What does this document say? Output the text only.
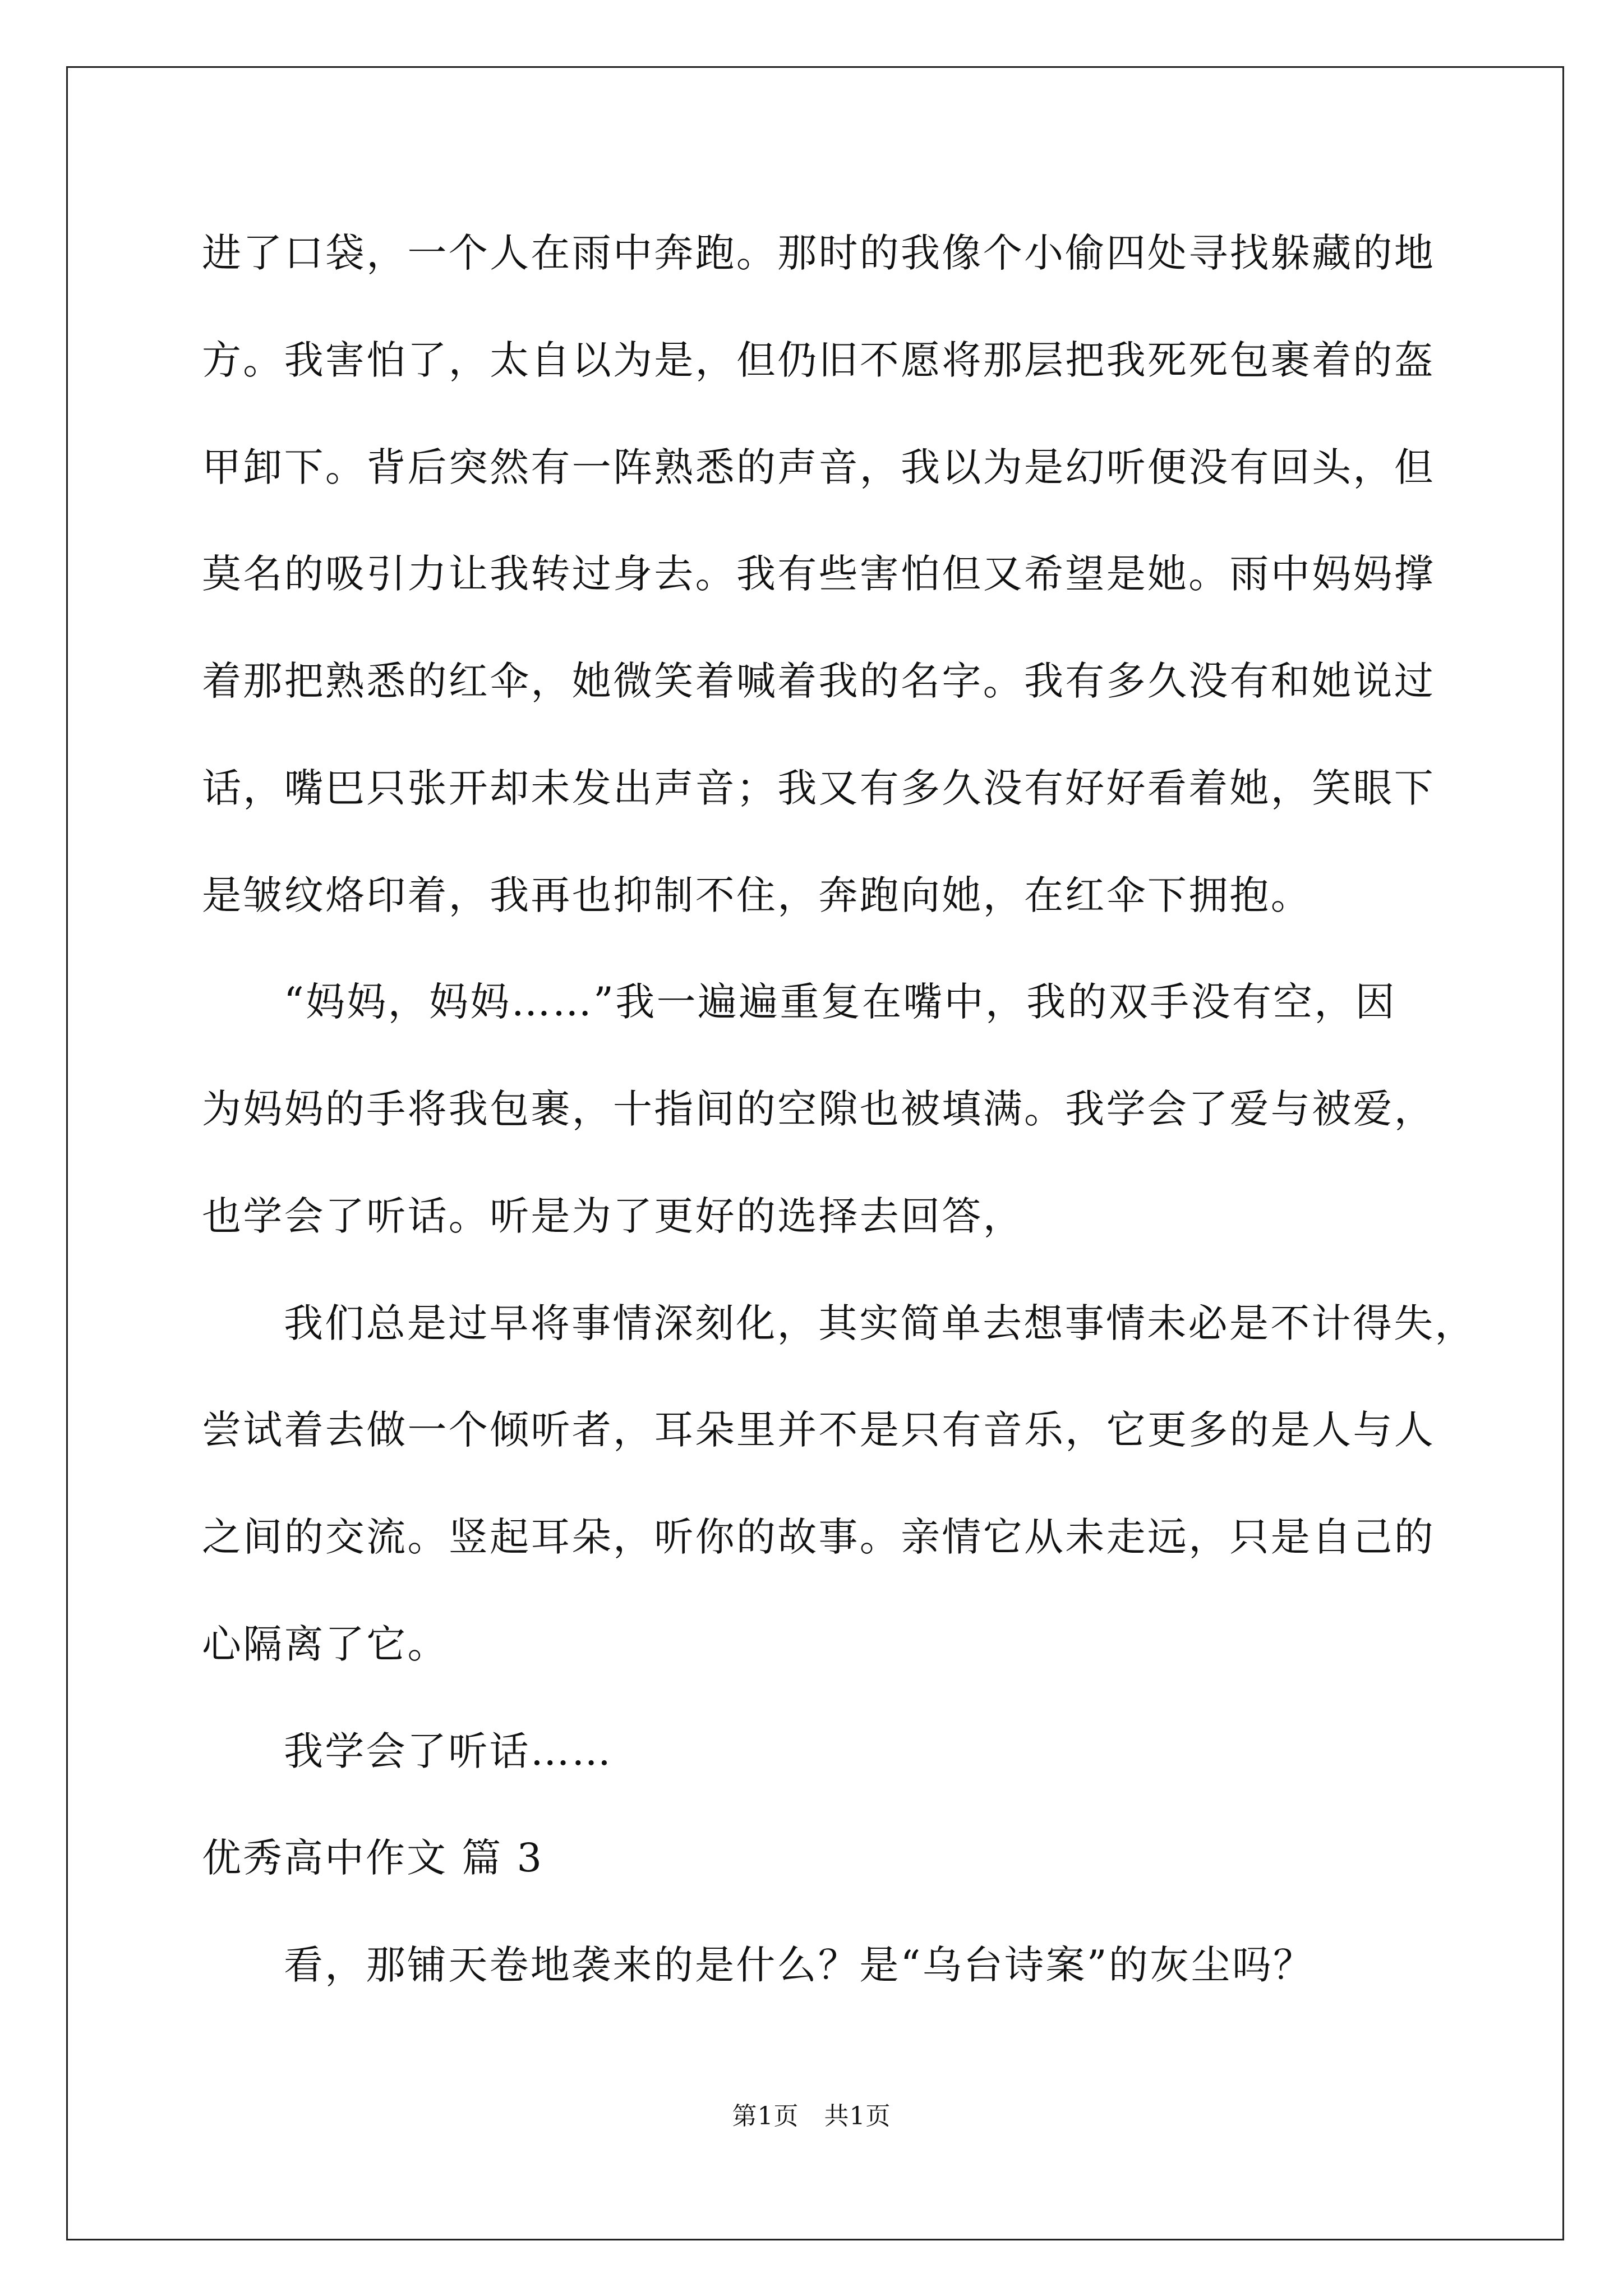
进了口袋，一个人在雨中奔跑。那时的我像个小偷四处寻找躲藏的地
方。我害怕了，太自以为是，但仍旧不愿将那层把我死死包裹着的盔
甲卸下。背后突然有一阵熟悉的声音，我以为是幻听便没有回头，但
莫名的吸引力让我转过身去。我有些害怕但又希望是她。雨中妈妈撑
着那把熟悉的红伞，她微笑着喊着我的名字。我有多久没有和她说过
话，嘴巴只张开却未发出声音；我又有多久没有好好看着她，笑眼下
是皱纹烙印着，我再也抑制不住，奔跑向她，在红伞下拥抱。
“妈妈，妈妈……”我一遍遍重复在嘴中，我的双手没有空，因
为妈妈的手将我包裹，十指间的空隙也被填满。我学会了爱与被爱，
也学会了听话。听是为了更好的选择去回答，
我们总是过早将事情深刻化，其实简单去想事情未必是不计得失，
尝试着去做一个倾听者，耳朵里并不是只有音乐，它更多的是人与人
之间的交流。竖起耳朵，听你的故事。亲情它从未走远，只是自己的
心隔离了它。
我学会了听话……
优秀高中作文 篇 3
看，那铺天卷地袭来的是什么？是“乌台诗案”的灰尘吗？
第1页　共1页
